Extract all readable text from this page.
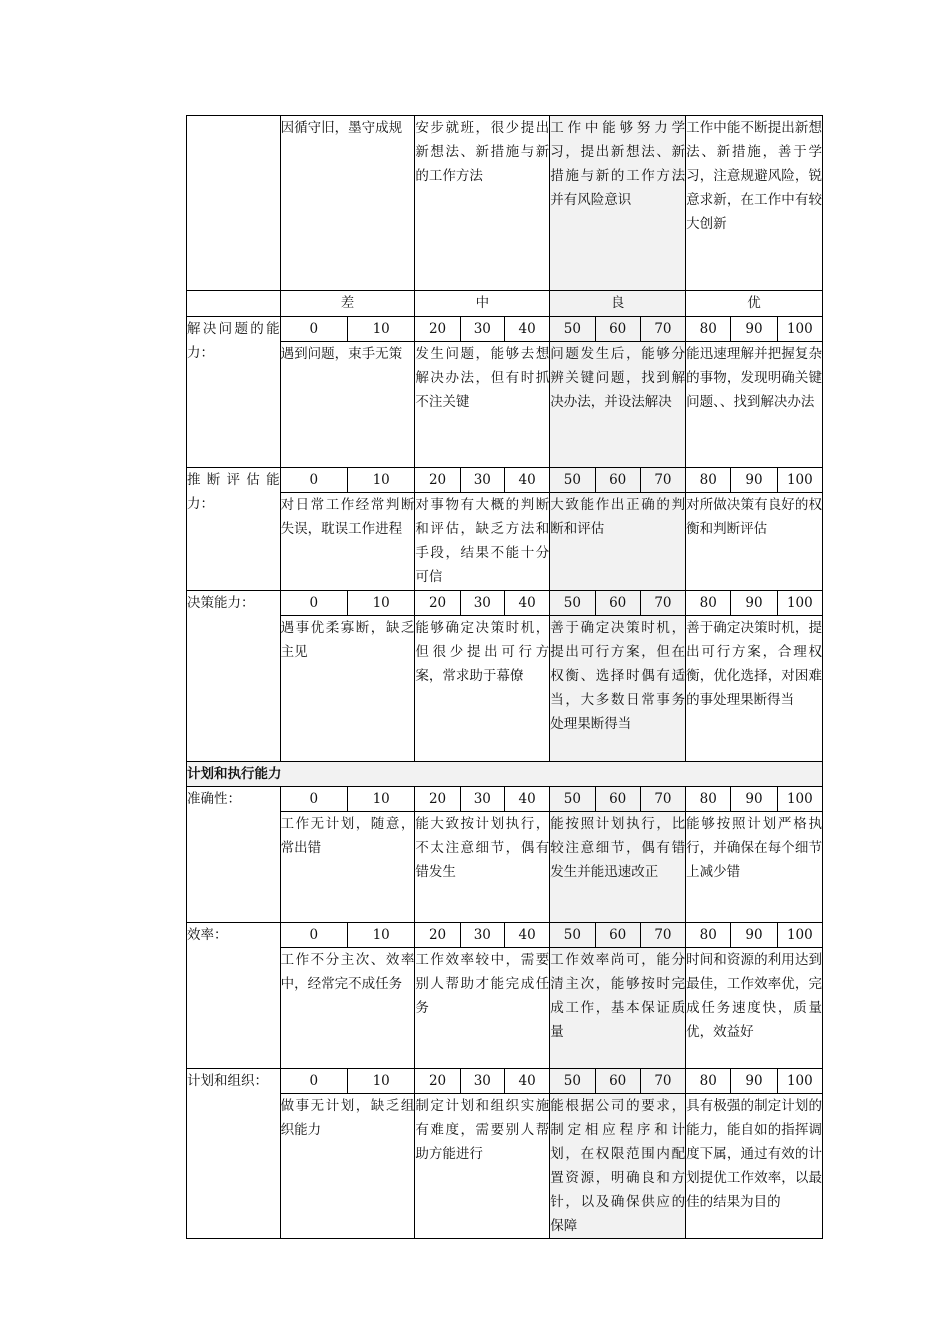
	因循守旧，墨守成规		安步就班，很少提出新想法、新措施与新的工作方法			工作中能够努力学习，提出新想法、新措施与新的工作方法并有风险意识			工作中能不断提出新想法、新措施，善于学习，注意规避风险，锐意求新，在工作中有较大创新		
	差		中			良			优		
解决问题的能力：	0	10	20	30	40	50	60	70	80	90	100
	遇到问题，束手无策		发生问题，能够去想解决办法，但有时抓不注关键			问题发生后，能够分辨关键问题，找到解决办法，并设法解决			能迅速理解并把握复杂的事物，发现明确关键问题、、找到解决办法		
推断评估能力：	0	10	20	30	40	50	60	70	80	90	100
	对日常工作经常判断失误，耽误工作进程		对事物有大概的判断和评估，缺乏方法和手段，结果不能十分可信			大致能作出正确的判断和评估			对所做决策有良好的权衡和判断评估		
决策能力：	0	10	20	30	40	50	60	70	80	90	100
	遇事优柔寡断，缺乏主见		能够确定决策时机，但很少提出可行方案，常求助于幕僚			善于确定决策时机，提出可行方案，但在权衡、选择时偶有适当，大多数日常事务处理果断得当			善于确定决策时机，提出可行方案，合理权衡，优化选择，对困难的事处理果断得当		
计划和执行能力											
准确性：	0	10	20	30	40	50	60	70	80	90	100
	工作无计划，随意，常出错		能大致按计划执行，不太注意细节，偶有错发生			能按照计划执行，比较注意细节，偶有错发生并能迅速改正			能够按照计划严格执行，并确保在每个细节上减少错		
效率：	0	10	20	30	40	50	60	70	80	90	100
	工作不分主次、效率中，经常完不成任务		工作效率较中，需要别人帮助才能完成任务			工作效率尚可，能分清主次，能够按时完成工作，基本保证质量			时间和资源的利用达到最佳，工作效率优，完成任务速度快，质量优，效益好		
计划和组织：	0	10	20	30	40	50	60	70	80	90	100
	做事无计划，缺乏组织能力		制定计划和组织实施有难度，需要别人帮助方能进行			能根据公司的要求，制定相应程序和计划，在权限范围内配置资源，明确良和方针，以及确保供应的保障			具有极强的制定计划的能力，能自如的指挥调度下属，通过有效的计划提优工作效率，以最佳的结果为目的		
